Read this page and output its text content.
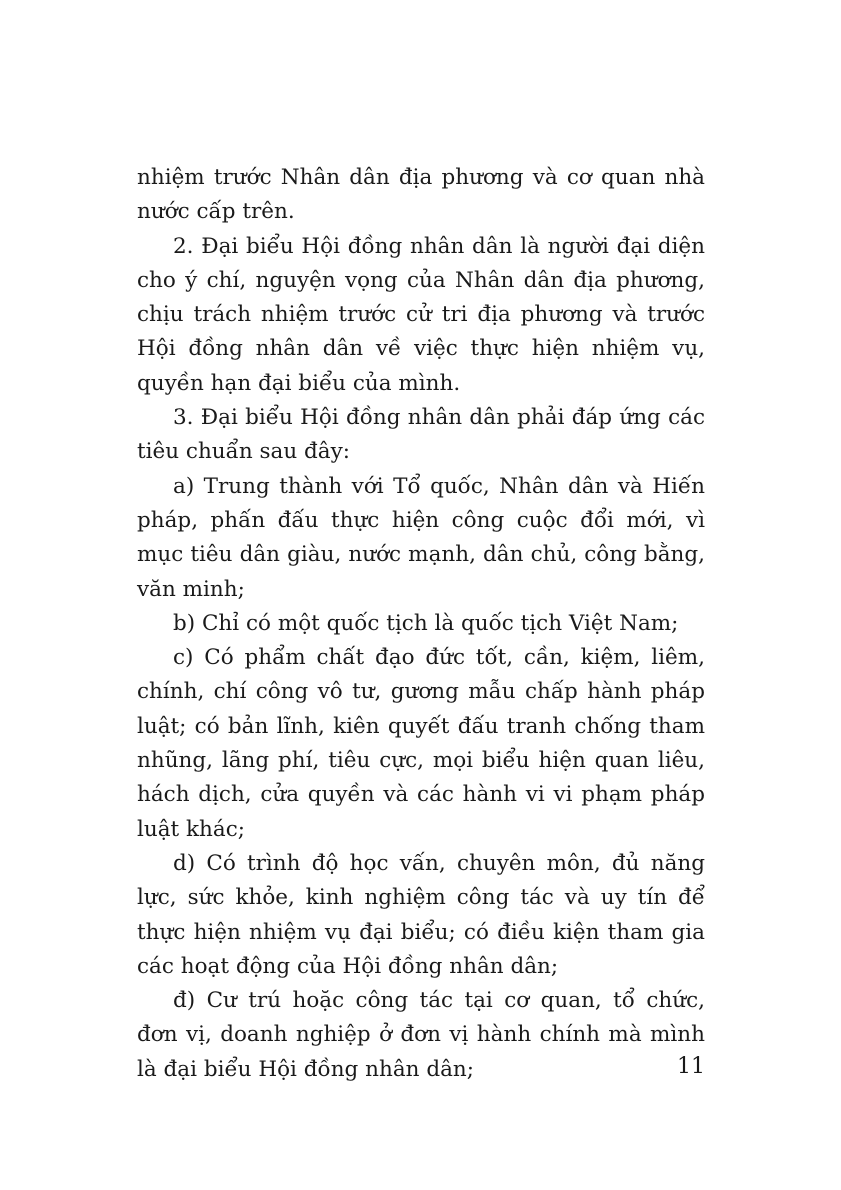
nhiệm trước Nhân dân địa phương và cơ quan nhà nước cấp trên.

2. Đại biểu Hội đồng nhân dân là người đại diện cho ý chí, nguyện vọng của Nhân dân địa phương, chịu trách nhiệm trước cử tri địa phương và trước Hội đồng nhân dân về việc thực hiện nhiệm vụ, quyền hạn đại biểu của mình.

3. Đại biểu Hội đồng nhân dân phải đáp ứng các tiêu chuẩn sau đây:

a) Trung thành với Tổ quốc, Nhân dân và Hiến pháp, phấn đấu thực hiện công cuộc đổi mới, vì mục tiêu dân giàu, nước mạnh, dân chủ, công bằng, văn minh;

b) Chỉ có một quốc tịch là quốc tịch Việt Nam;

c) Có phẩm chất đạo đức tốt, cần, kiệm, liêm, chính, chí công vô tư, gương mẫu chấp hành pháp luật; có bản lĩnh, kiên quyết đấu tranh chống tham nhũng, lãng phí, tiêu cực, mọi biểu hiện quan liêu, hách dịch, cửa quyền và các hành vi vi phạm pháp luật khác;

d) Có trình độ học vấn, chuyên môn, đủ năng lực, sức khỏe, kinh nghiệm công tác và uy tín để thực hiện nhiệm vụ đại biểu; có điều kiện tham gia các hoạt động của Hội đồng nhân dân;

đ) Cư trú hoặc công tác tại cơ quan, tổ chức, đơn vị, doanh nghiệp ở đơn vị hành chính mà mình là đại biểu Hội đồng nhân dân;	11
